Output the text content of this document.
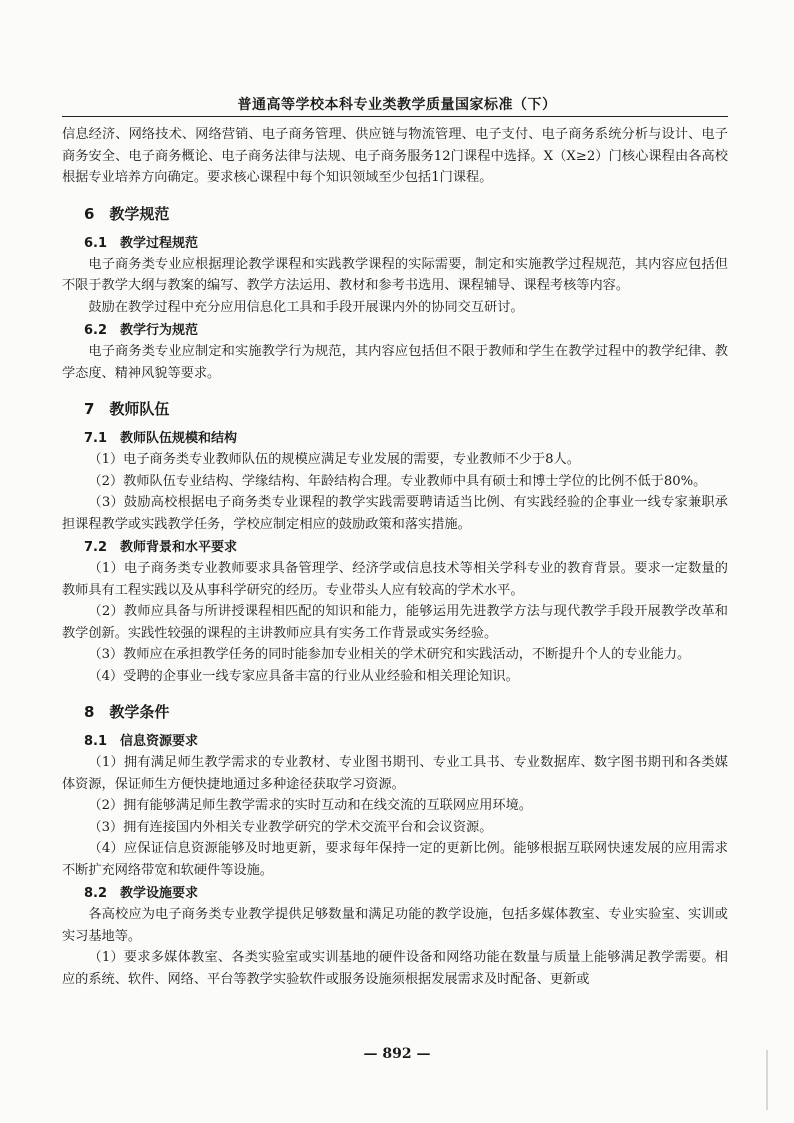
普通高等学校本科专业类教学质量国家标准（下）

信息经济、网络技术、网络营销、电子商务管理、供应链与物流管理、电子支付、电子商务系统分析与设计、电子商务安全、电子商务概论、电子商务法律与法规、电子商务服务12门课程中选择。X（X≥2）门核心课程由各高校根据专业培养方向确定。要求核心课程中每个知识领域至少包括1门课程。

6　教学规范

6.1　教学过程规范

电子商务类专业应根据理论教学课程和实践教学课程的实际需要，制定和实施教学过程规范，其内容应包括但不限于教学大纲与教案的编写、教学方法运用、教材和参考书选用、课程辅导、课程考核等内容。

鼓励在教学过程中充分应用信息化工具和手段开展课内外的协同交互研讨。

6.2　教学行为规范

电子商务类专业应制定和实施教学行为规范，其内容应包括但不限于教师和学生在教学过程中的教学纪律、教学态度、精神风貌等要求。

7　教师队伍

7.1　教师队伍规模和结构

（1）电子商务类专业教师队伍的规模应满足专业发展的需要，专业教师不少于8人。

（2）教师队伍专业结构、学缘结构、年龄结构合理。专业教师中具有硕士和博士学位的比例不低于80%。

（3）鼓励高校根据电子商务类专业课程的教学实践需要聘请适当比例、有实践经验的企事业一线专家兼职承担课程教学或实践教学任务，学校应制定相应的鼓励政策和落实措施。

7.2　教师背景和水平要求

（1）电子商务类专业教师要求具备管理学、经济学或信息技术等相关学科专业的教育背景。要求一定数量的教师具有工程实践以及从事科学研究的经历。专业带头人应有较高的学术水平。

（2）教师应具备与所讲授课程相匹配的知识和能力，能够运用先进教学方法与现代教学手段开展教学改革和教学创新。实践性较强的课程的主讲教师应具有实务工作背景或实务经验。

（3）教师应在承担教学任务的同时能参加专业相关的学术研究和实践活动，不断提升个人的专业能力。

（4）受聘的企事业一线专家应具备丰富的行业从业经验和相关理论知识。

8　教学条件

8.1　信息资源要求

（1）拥有满足师生教学需求的专业教材、专业图书期刊、专业工具书、专业数据库、数字图书期刊和各类媒体资源，保证师生方便快捷地通过多种途径获取学习资源。

（2）拥有能够满足师生教学需求的实时互动和在线交流的互联网应用环境。

（3）拥有连接国内外相关专业教学研究的学术交流平台和会议资源。

（4）应保证信息资源能够及时地更新，要求每年保持一定的更新比例。能够根据互联网快速发展的应用需求不断扩充网络带宽和软硬件等设施。

8.2　教学设施要求

各高校应为电子商务类专业教学提供足够数量和满足功能的教学设施，包括多媒体教室、专业实验室、实训或实习基地等。

（1）要求多媒体教室、各类实验室或实训基地的硬件设备和网络功能在数量与质量上能够满足教学需要。相应的系统、软件、网络、平台等教学实验软件或服务设施须根据发展需求及时配备、更新或

— 892 —
